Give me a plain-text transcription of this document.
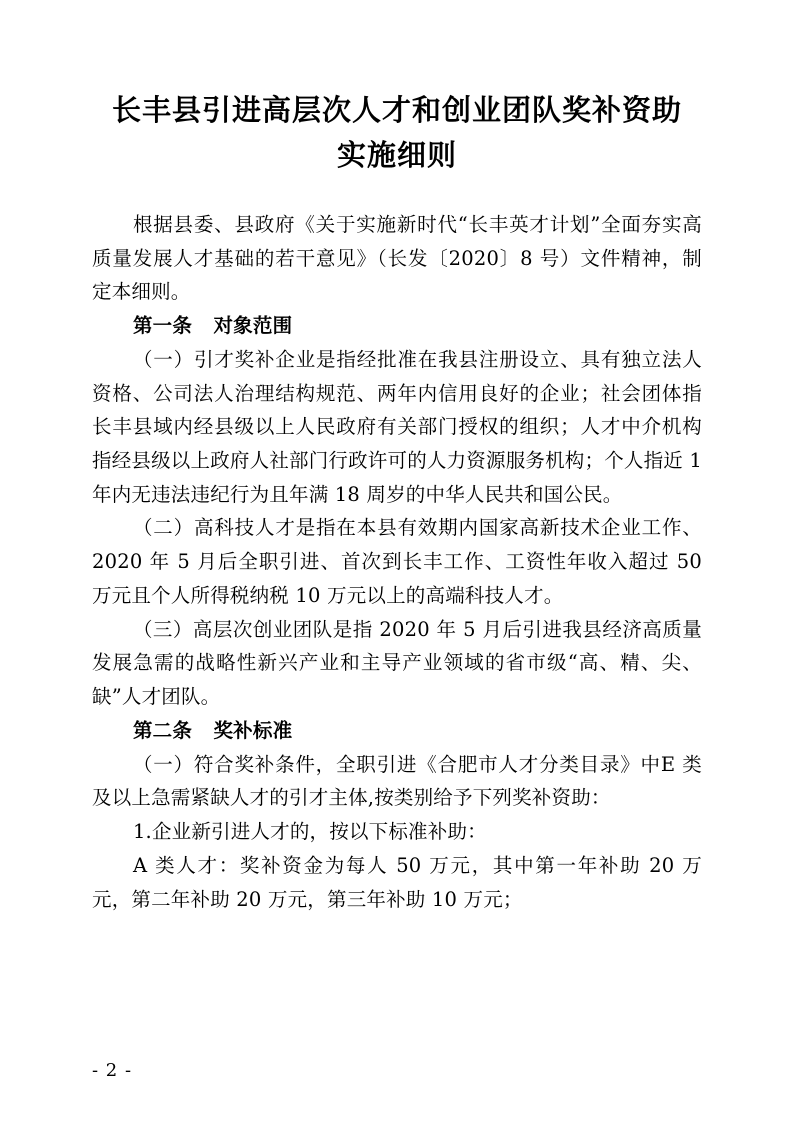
长丰县引进高层次人才和创业团队奖补资助
实施细则

根据县委、县政府《关于实施新时代“长丰英才计划”全面夯实高质量发展人才基础的若干意见》（长发〔2020〕8 号）文件精神，制定本细则。

第一条 对象范围

（一）引才奖补企业是指经批准在我县注册设立、具有独立法人资格、公司法人治理结构规范、两年内信用良好的企业；社会团体指长丰县域内经县级以上人民政府有关部门授权的组织；人才中介机构指经县级以上政府人社部门行政许可的人力资源服务机构；个人指近 1 年内无违法违纪行为且年满 18 周岁的中华人民共和国公民。

（二）高科技人才是指在本县有效期内国家高新技术企业工作、2020 年 5 月后全职引进、首次到长丰工作、工资性年收入超过 50 万元且个人所得税纳税 10 万元以上的高端科技人才。

（三）高层次创业团队是指 2020 年 5 月后引进我县经济高质量发展急需的战略性新兴产业和主导产业领域的省市级“高、精、尖、缺”人才团队。

第二条 奖补标准

（一）符合奖补条件，全职引进《合肥市人才分类目录》中E 类及以上急需紧缺人才的引才主体,按类别给予下列奖补资助：

1.企业新引进人才的，按以下标准补助：

A 类人才：奖补资金为每人 50 万元，其中第一年补助 20 万元，第二年补助 20 万元，第三年补助 10 万元；

- 2 -
